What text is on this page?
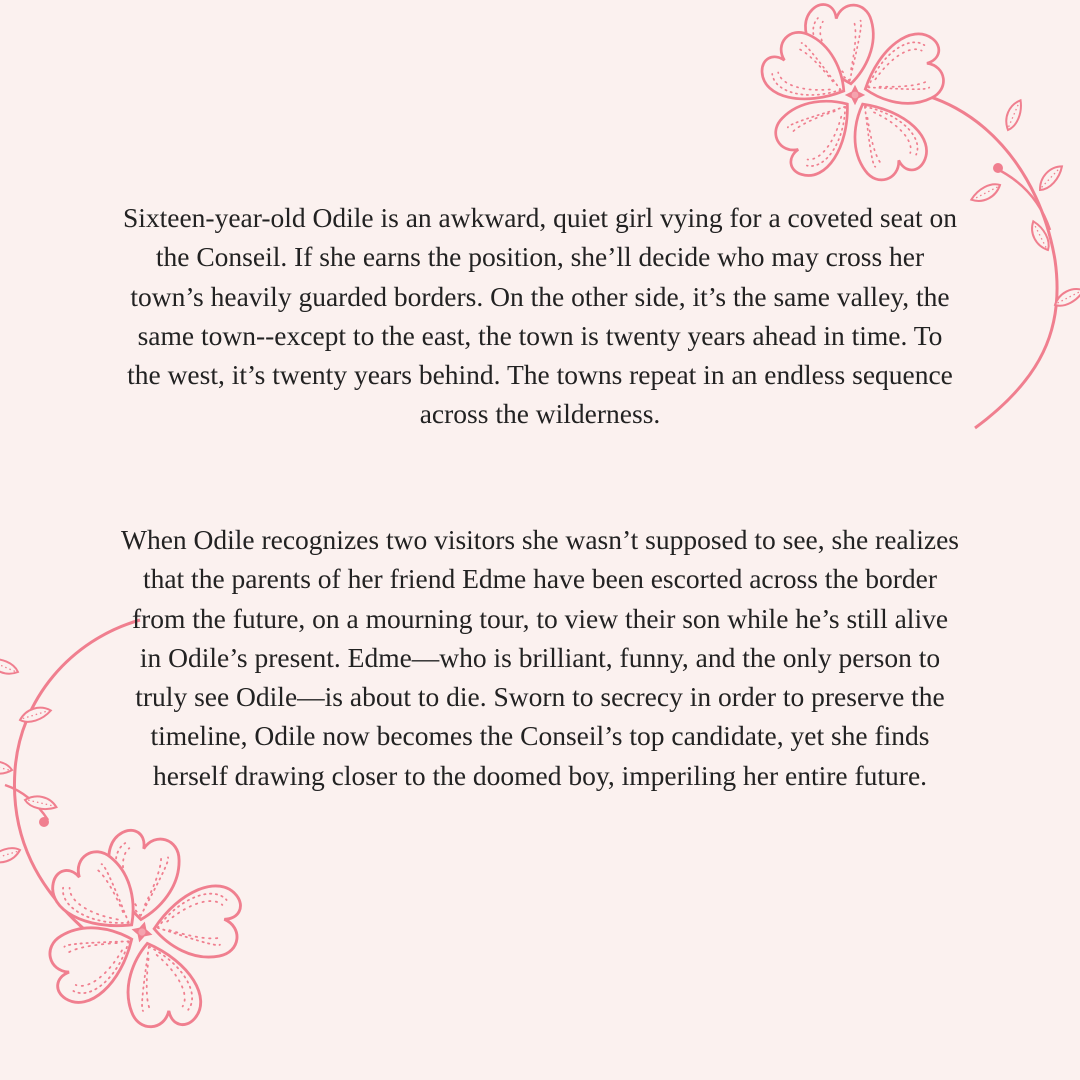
Sixteen-year-old Odile is an awkward, quiet girl vying for a coveted seat on the Conseil. If she earns the position, she’ll decide who may cross her town’s heavily guarded borders. On the other side, it’s the same valley, the same town--except to the east, the town is twenty years ahead in time. To the west, it’s twenty years behind. The towns repeat in an endless sequence across the wilderness.

When Odile recognizes two visitors she wasn’t supposed to see, she realizes that the parents of her friend Edme have been escorted across the border from the future, on a mourning tour, to view their son while he’s still alive in Odile’s present. Edme—who is brilliant, funny, and the only person to truly see Odile—is about to die. Sworn to secrecy in order to preserve the timeline, Odile now becomes the Conseil’s top candidate, yet she finds herself drawing closer to the doomed boy, imperiling her entire future.
